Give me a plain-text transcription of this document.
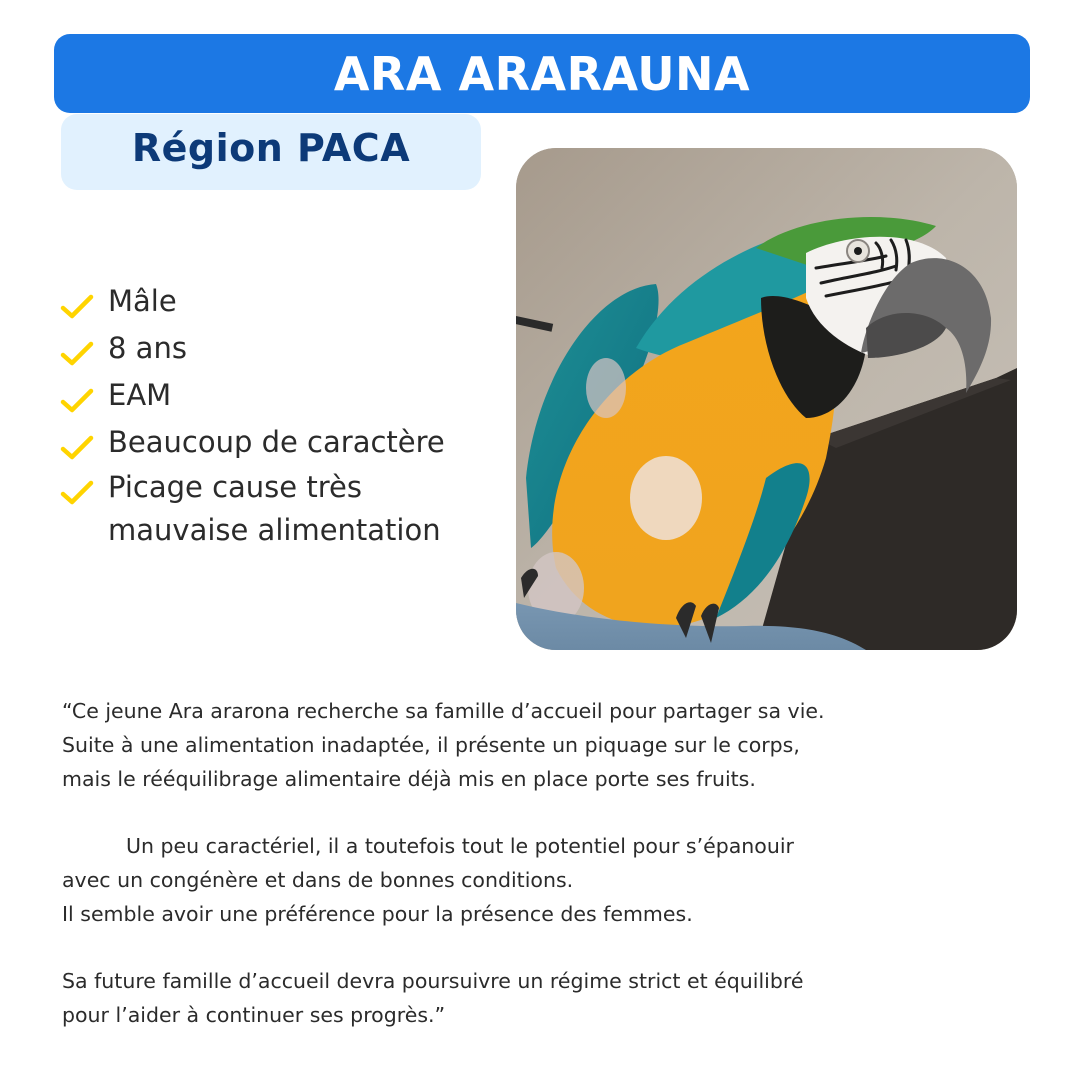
ARA ARARAUNA
Région PACA
Mâle
8 ans
EAM
Beaucoup de caractère
Picage cause très
mauvaise alimentation

“Ce jeune Ara ararona recherche sa famille d’accueil pour partager sa vie.
Suite à une alimentation inadaptée, il présente un piquage sur le corps,
mais le rééquilibrage alimentaire déjà mis en place porte ses fruits.

Un peu caractériel, il a toutefois tout le potentiel pour s’épanouir
avec un congénère et dans de bonnes conditions.
Il semble avoir une préférence pour la présence des femmes.

Sa future famille d’accueil devra poursuivre un régime strict et équilibré
pour l’aider à continuer ses progrès.”
